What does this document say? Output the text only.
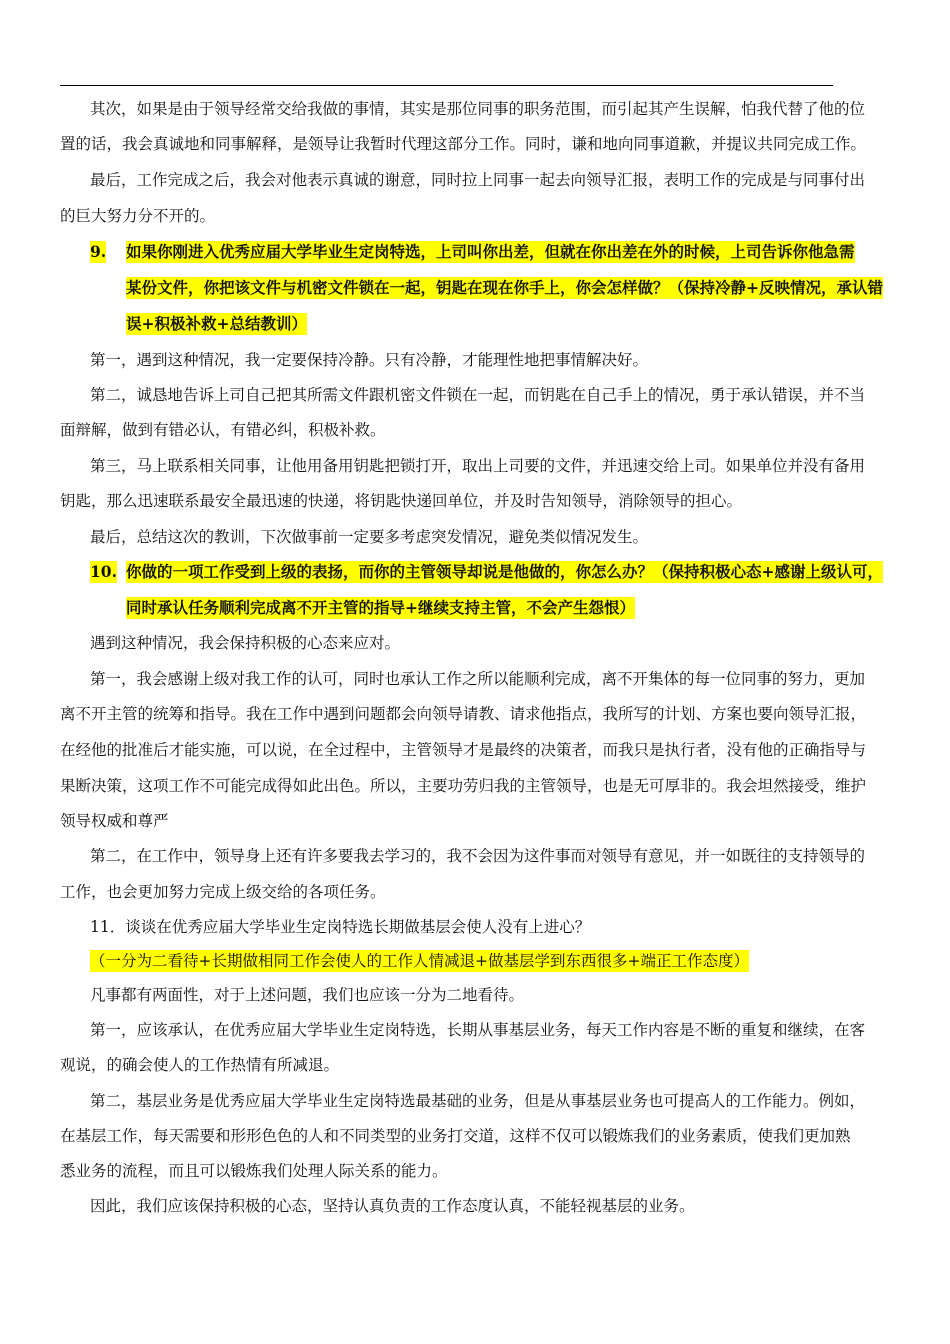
其次，如果是由于领导经常交给我做的事情，其实是那位同事的职务范围，而引起其产生误解，怕我代替了他的位
置的话，我会真诚地和同事解释，是领导让我暂时代理这部分工作。同时，谦和地向同事道歉，并提议共同完成工作。
最后，工作完成之后，我会对他表示真诚的谢意，同时拉上同事一起去向领导汇报，表明工作的完成是与同事付出
的巨大努力分不开的。
9. 如果你刚进入优秀应届大学毕业生定岗特选，上司叫你出差，但就在你出差在外的时候，上司告诉你他急需
某份文件，你把该文件与机密文件锁在一起，钥匙在现在你手上，你会怎样做？（保持冷静+反映情况，承认错
误+积极补救+总结教训）
第一，遇到这种情况，我一定要保持冷静。只有冷静，才能理性地把事情解决好。
第二，诚恳地告诉上司自己把其所需文件跟机密文件锁在一起，而钥匙在自己手上的情况，勇于承认错误，并不当
面辩解，做到有错必认，有错必纠，积极补救。
第三，马上联系相关同事，让他用备用钥匙把锁打开，取出上司要的文件，并迅速交给上司。如果单位并没有备用
钥匙，那么迅速联系最安全最迅速的快递，将钥匙快递回单位，并及时告知领导，消除领导的担心。
最后，总结这次的教训，下次做事前一定要多考虑突发情况，避免类似情况发生。
10. 你做的一项工作受到上级的表扬，而你的主管领导却说是他做的，你怎么办？（保持积极心态+感谢上级认可，
同时承认任务顺利完成离不开主管的指导+继续支持主管，不会产生怨恨）
遇到这种情况，我会保持积极的心态来应对。
第一，我会感谢上级对我工作的认可，同时也承认工作之所以能顺利完成，离不开集体的每一位同事的努力，更加
离不开主管的统筹和指导。我在工作中遇到问题都会向领导请教、请求他指点，我所写的计划、方案也要向领导汇报，
在经他的批准后才能实施，可以说，在全过程中，主管领导才是最终的决策者，而我只是执行者，没有他的正确指导与
果断决策，这项工作不可能完成得如此出色。所以，主要功劳归我的主管领导，也是无可厚非的。我会坦然接受，维护
领导权威和尊严
第二，在工作中，领导身上还有许多要我去学习的，我不会因为这件事而对领导有意见，并一如既往的支持领导的
工作，也会更加努力完成上级交给的各项任务。
11．谈谈在优秀应届大学毕业生定岗特选长期做基层会使人没有上进心？
（一分为二看待+长期做相同工作会使人的工作人情减退+做基层学到东西很多+端正工作态度）
凡事都有两面性，对于上述问题，我们也应该一分为二地看待。
第一，应该承认，在优秀应届大学毕业生定岗特选，长期从事基层业务，每天工作内容是不断的重复和继续，在客
观说，的确会使人的工作热情有所减退。
第二，基层业务是优秀应届大学毕业生定岗特选最基础的业务，但是从事基层业务也可提高人的工作能力。例如，
在基层工作，每天需要和形形色色的人和不同类型的业务打交道，这样不仅可以锻炼我们的业务素质，使我们更加熟
悉业务的流程，而且可以锻炼我们处理人际关系的能力。
因此，我们应该保持积极的心态，坚持认真负责的工作态度认真，不能轻视基层的业务。
